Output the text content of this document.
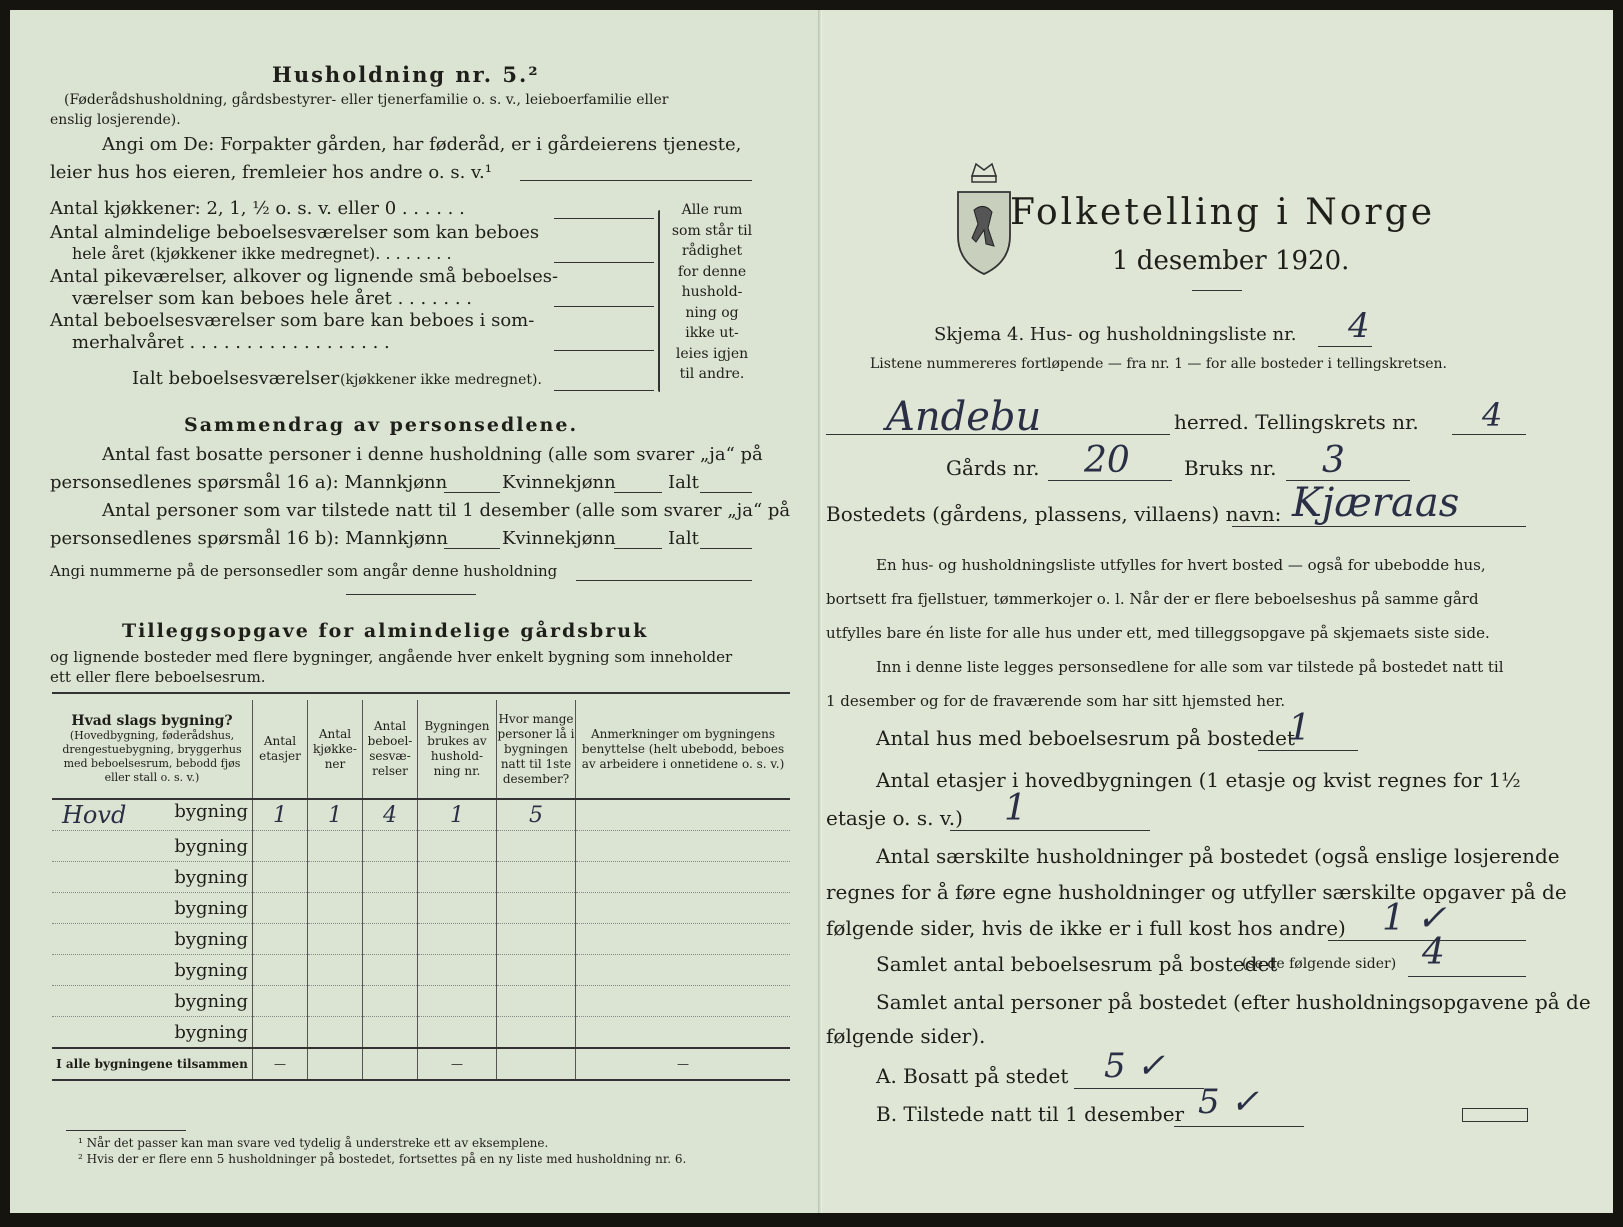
Husholdning nr. 5.²
(Føderådshusholdning, gårdsbestyrer- eller tjenerfamilie o. s. v., leieboerfamilie eller
enslig losjerende).
Angi om De: Forpakter gården, har føderåd, er i gårdeierens tjeneste,
leier hus hos eieren, fremleier hos andre o. s. v.¹
Antal kjøkkener: 2, 1, ½ o. s. v. eller 0 . . . . . .
Antal almindelige beboelsesværelser som kan beboes
hele året (kjøkkener ikke medregnet). . . . . . . .
Antal pikeværelser, alkover og lignende små beboelses-
værelser som kan beboes hele året . . . . . . .
Antal beboelsesværelser som bare kan beboes i som-
merhalvåret . . . . . . . . . . . . . . . . . .
Ialt beboelsesværelser (kjøkkener ikke medregnet).
Alle rum
som står til
rådighet
for denne
hushold-
ning og
ikke ut-
leies igjen
til andre.
Sammendrag av personsedlene.
Antal fast bosatte personer i denne husholdning (alle som svarer „ja“ på
personsedlenes spørsmål 16 a): Mannkjønn	Kvinnekjønn	Ialt
Antal personer som var tilstede natt til 1 desember (alle som svarer „ja“ på
personsedlenes spørsmål 16 b): Mannkjønn	Kvinnekjønn	Ialt
Angi nummerne på de personsedler som angår denne husholdning
Tilleggsopgave for almindelige gårdsbruk
og lignende bosteder med flere bygninger, angående hver enkelt bygning som inneholder
ett eller flere beboelsesrum.
Hvad slags bygning?
(Hovedbygning, føderådshus, drengestuebygning, bryggerhus med beboelsesrum, bebodd fjøs eller stall o. s. v.)	Antal etasjer	Antal kjøkke-ner	Antal beboel-sesvæ-relser	Bygningen brukes av hushold-ning nr.	Hvor mange personer lå i bygningen natt til 1ste desember?	Anmerkninger om bygningens benyttelse (helt ubebodd, beboes av arbeidere i onnetidene o. s. v.)

Hovd bygning	1	1	4	1	5	
bygning						
bygning						
bygning						
bygning						
bygning						
bygning						
bygning						
I alle bygningene tilsammen	—			—		—
¹ Når det passer kan man svare ved tydelig å understreke ett av eksemplene.
² Hvis der er flere enn 5 husholdninger på bostedet, fortsettes på en ny liste med husholdning nr. 6.
Folketelling i Norge
1 desember 1920.
Skjema 4. Hus- og husholdningsliste nr. 4
Listene nummereres fortløpende — fra nr. 1 — for alle bosteder i tellingskretsen.
Andebu	herred. Tellingskrets nr. 4
Gårds nr. 20	Bruks nr. 3
Bostedets (gårdens, plassens, villaens) navn: Kjæraas
En hus- og husholdningsliste utfylles for hvert bosted — også for ubebodde hus,
bortsett fra fjellstuer, tømmerkojer o. l. Når der er flere beboelseshus på samme gård
utfylles bare én liste for alle hus under ett, med tilleggsopgave på skjemaets siste side.
Inn i denne liste legges personsedlene for alle som var tilstede på bostedet natt til
1 desember og for de fraværende som har sitt hjemsted her.
Antal hus med beboelsesrum på bostedet
1
Antal etasjer i hovedbygningen (1 etasje og kvist regnes for 1½
etasje o. s. v.) 1
Antal særskilte husholdninger på bostedet (også enslige losjerende
regnes for å føre egne husholdninger og utfyller særskilte opgaver på de
følgende sider, hvis de ikke er i full kost hos andre) 1 ✓
Samlet antal beboelsesrum på bostedet
(se de følgende sider) 4
Samlet antal personer på bostedet (efter husholdningsopgavene på de
følgende sider).
A. Bosatt på stedet 5 ✓
B. Tilstede natt til 1 desember 5 ✓
